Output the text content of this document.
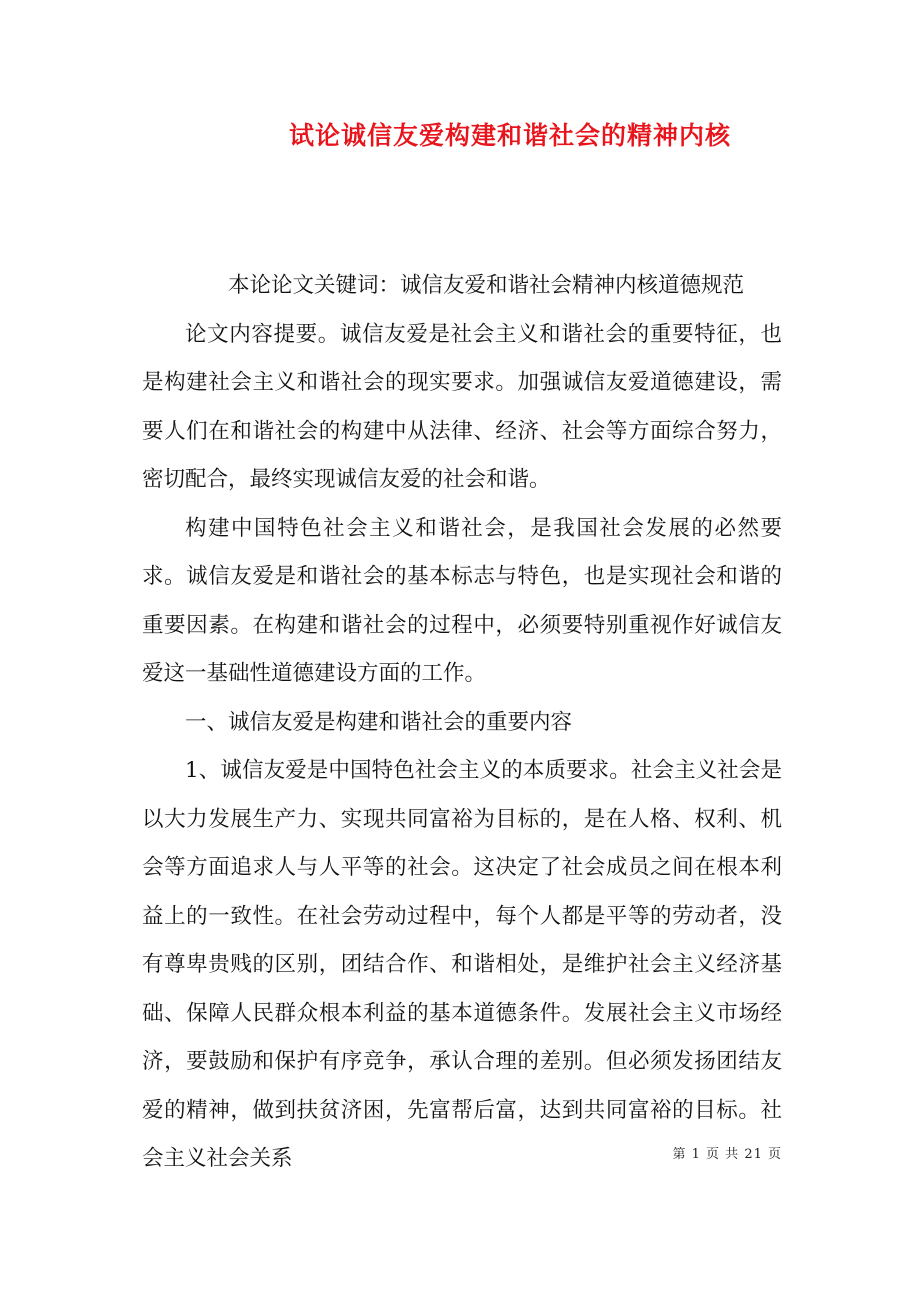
试论诚信友爱构建和谐社会的精神内核

本论论文关键词：诚信友爱和谐社会精神内核道德规范

论文内容提要。诚信友爱是社会主义和谐社会的重要特征，也是构建社会主义和谐社会的现实要求。加强诚信友爱道德建设，需要人们在和谐社会的构建中从法律、经济、社会等方面综合努力，密切配合，最终实现诚信友爱的社会和谐。

构建中国特色社会主义和谐社会，是我国社会发展的必然要求。诚信友爱是和谐社会的基本标志与特色，也是实现社会和谐的重要因素。在构建和谐社会的过程中，必须要特别重视作好诚信友爱这一基础性道德建设方面的工作。

一、诚信友爱是构建和谐社会的重要内容

1、诚信友爱是中国特色社会主义的本质要求。社会主义社会是以大力发展生产力、实现共同富裕为目标的，是在人格、权利、机会等方面追求人与人平等的社会。这决定了社会成员之间在根本利益上的一致性。在社会劳动过程中，每个人都是平等的劳动者，没有尊卑贵贱的区别，团结合作、和谐相处，是维护社会主义经济基础、保障人民群众根本利益的基本道德条件。发展社会主义市场经济，要鼓励和保护有序竞争，承认合理的差别。但必须发扬团结友爱的精神，做到扶贫济困，先富帮后富，达到共同富裕的目标。社会主义社会关系	第 1 页 共 21 页
